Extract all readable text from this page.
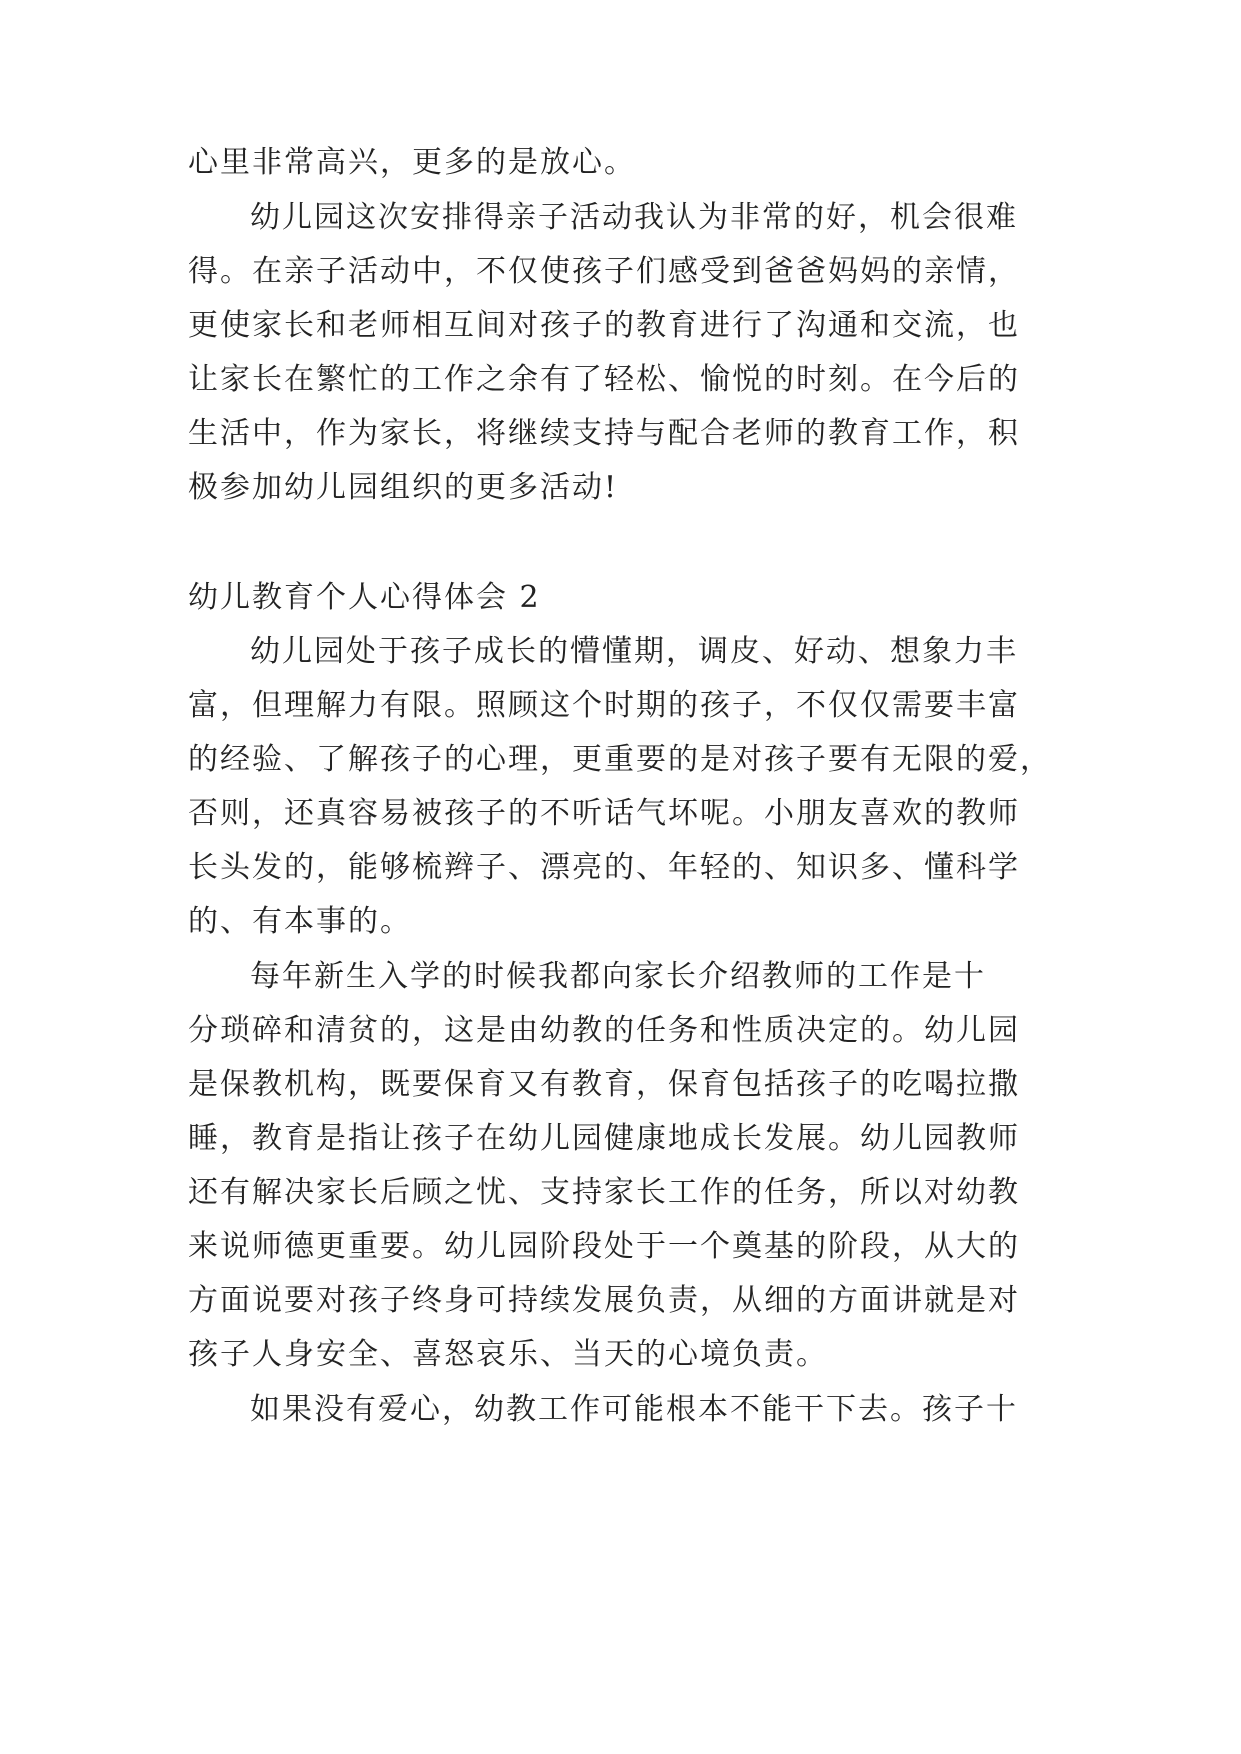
心里非常高兴，更多的是放心。
幼儿园这次安排得亲子活动我认为非常的好，机会很难
得。在亲子活动中，不仅使孩子们感受到爸爸妈妈的亲情，
更使家长和老师相互间对孩子的教育进行了沟通和交流，也
让家长在繁忙的工作之余有了轻松、愉悦的时刻。在今后的
生活中，作为家长，将继续支持与配合老师的教育工作，积
极参加幼儿园组织的更多活动!
幼儿教育个人心得体会 2
幼儿园处于孩子成长的懵懂期，调皮、好动、想象力丰
富，但理解力有限。照顾这个时期的孩子，不仅仅需要丰富
的经验、了解孩子的心理，更重要的是对孩子要有无限的爱，
否则，还真容易被孩子的不听话气坏呢。小朋友喜欢的教师
长头发的，能够梳辫子、漂亮的、年轻的、知识多、懂科学
的、有本事的。
每年新生入学的时候我都向家长介绍教师的工作是十
分琐碎和清贫的，这是由幼教的任务和性质决定的。幼儿园
是保教机构，既要保育又有教育，保育包括孩子的吃喝拉撒
睡，教育是指让孩子在幼儿园健康地成长发展。幼儿园教师
还有解决家长后顾之忧、支持家长工作的任务，所以对幼教
来说师德更重要。幼儿园阶段处于一个奠基的阶段，从大的
方面说要对孩子终身可持续发展负责，从细的方面讲就是对
孩子人身安全、喜怒哀乐、当天的心境负责。
如果没有爱心，幼教工作可能根本不能干下去。孩子十
